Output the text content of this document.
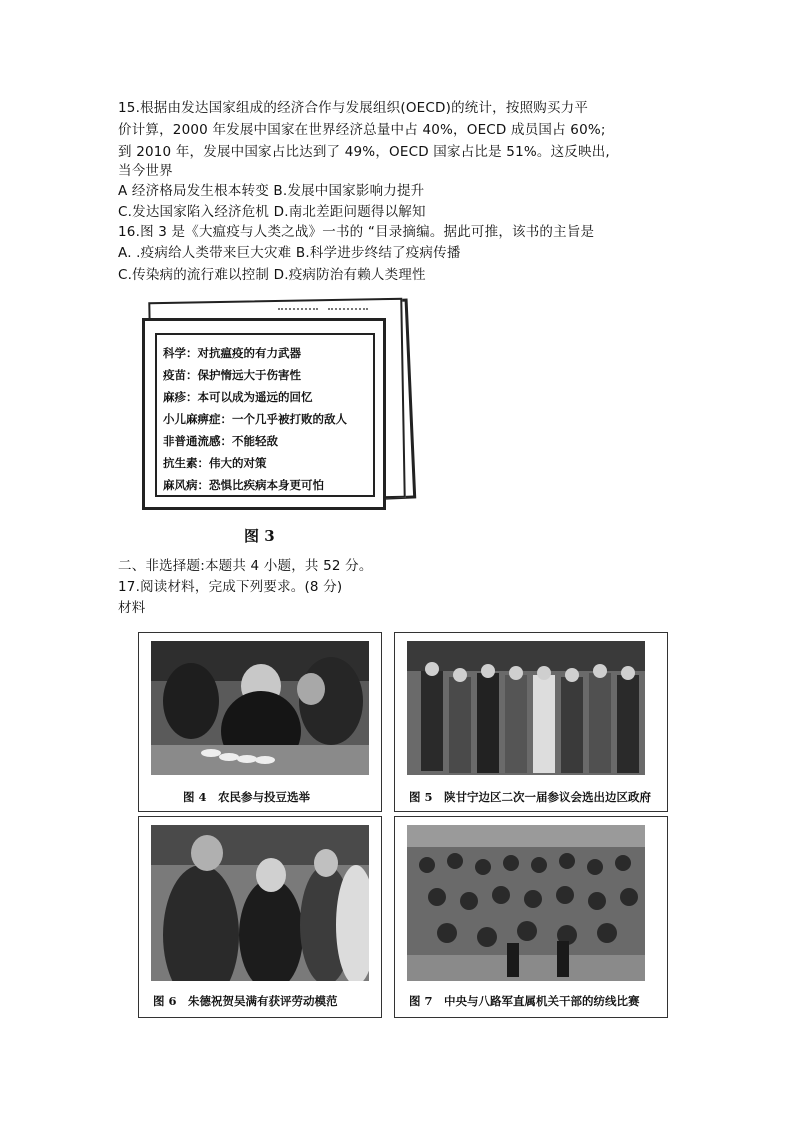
15.根据由发达国家组成的经济合作与发展组织(OECD)的统计，按照购买力平
价计算，2000 年发展中国家在世界经济总量中占 40%，OECD 成员国占 60%;
到 2010 年，发展中国家占比达到了 49%，OECD 国家占比是 51%。这反映出,
当今世界
A 经济格局发生根本转变 B.发展中国家影响力提升
C.发达国家陷入经济危机 D.南北差距问题得以解知
16.图 3 是《大瘟疫与人类之战》一书的 “目录摘编。据此可推，该书的主旨是
A. .疫病给人类带来巨大灾难 B.科学进步终结了疫病传播
C.传染病的流行难以控制 D.疫病防治有赖人类理性
科学：对抗瘟疫的有力武器
疫苗：保护惰远大于伤害性
麻疹：本可以成为遥远的回忆
小儿麻痹症：一个几乎被打败的敌人
非普通流感：不能轻敌
抗生素：伟大的对策
麻风病：恐惧比疾病本身更可怕
图 3
二、非选择题:本题共 4 小题，共 52 分。
17.阅读材料，完成下列要求。(8 分)
材料
图 4　农民参与投豆选举	图 5　陕甘宁边区二次一届参议会选出边区政府
图 6　朱德祝贺吴满有获评劳动模范	图 7　中央与八路军直属机关干部的纺线比赛
